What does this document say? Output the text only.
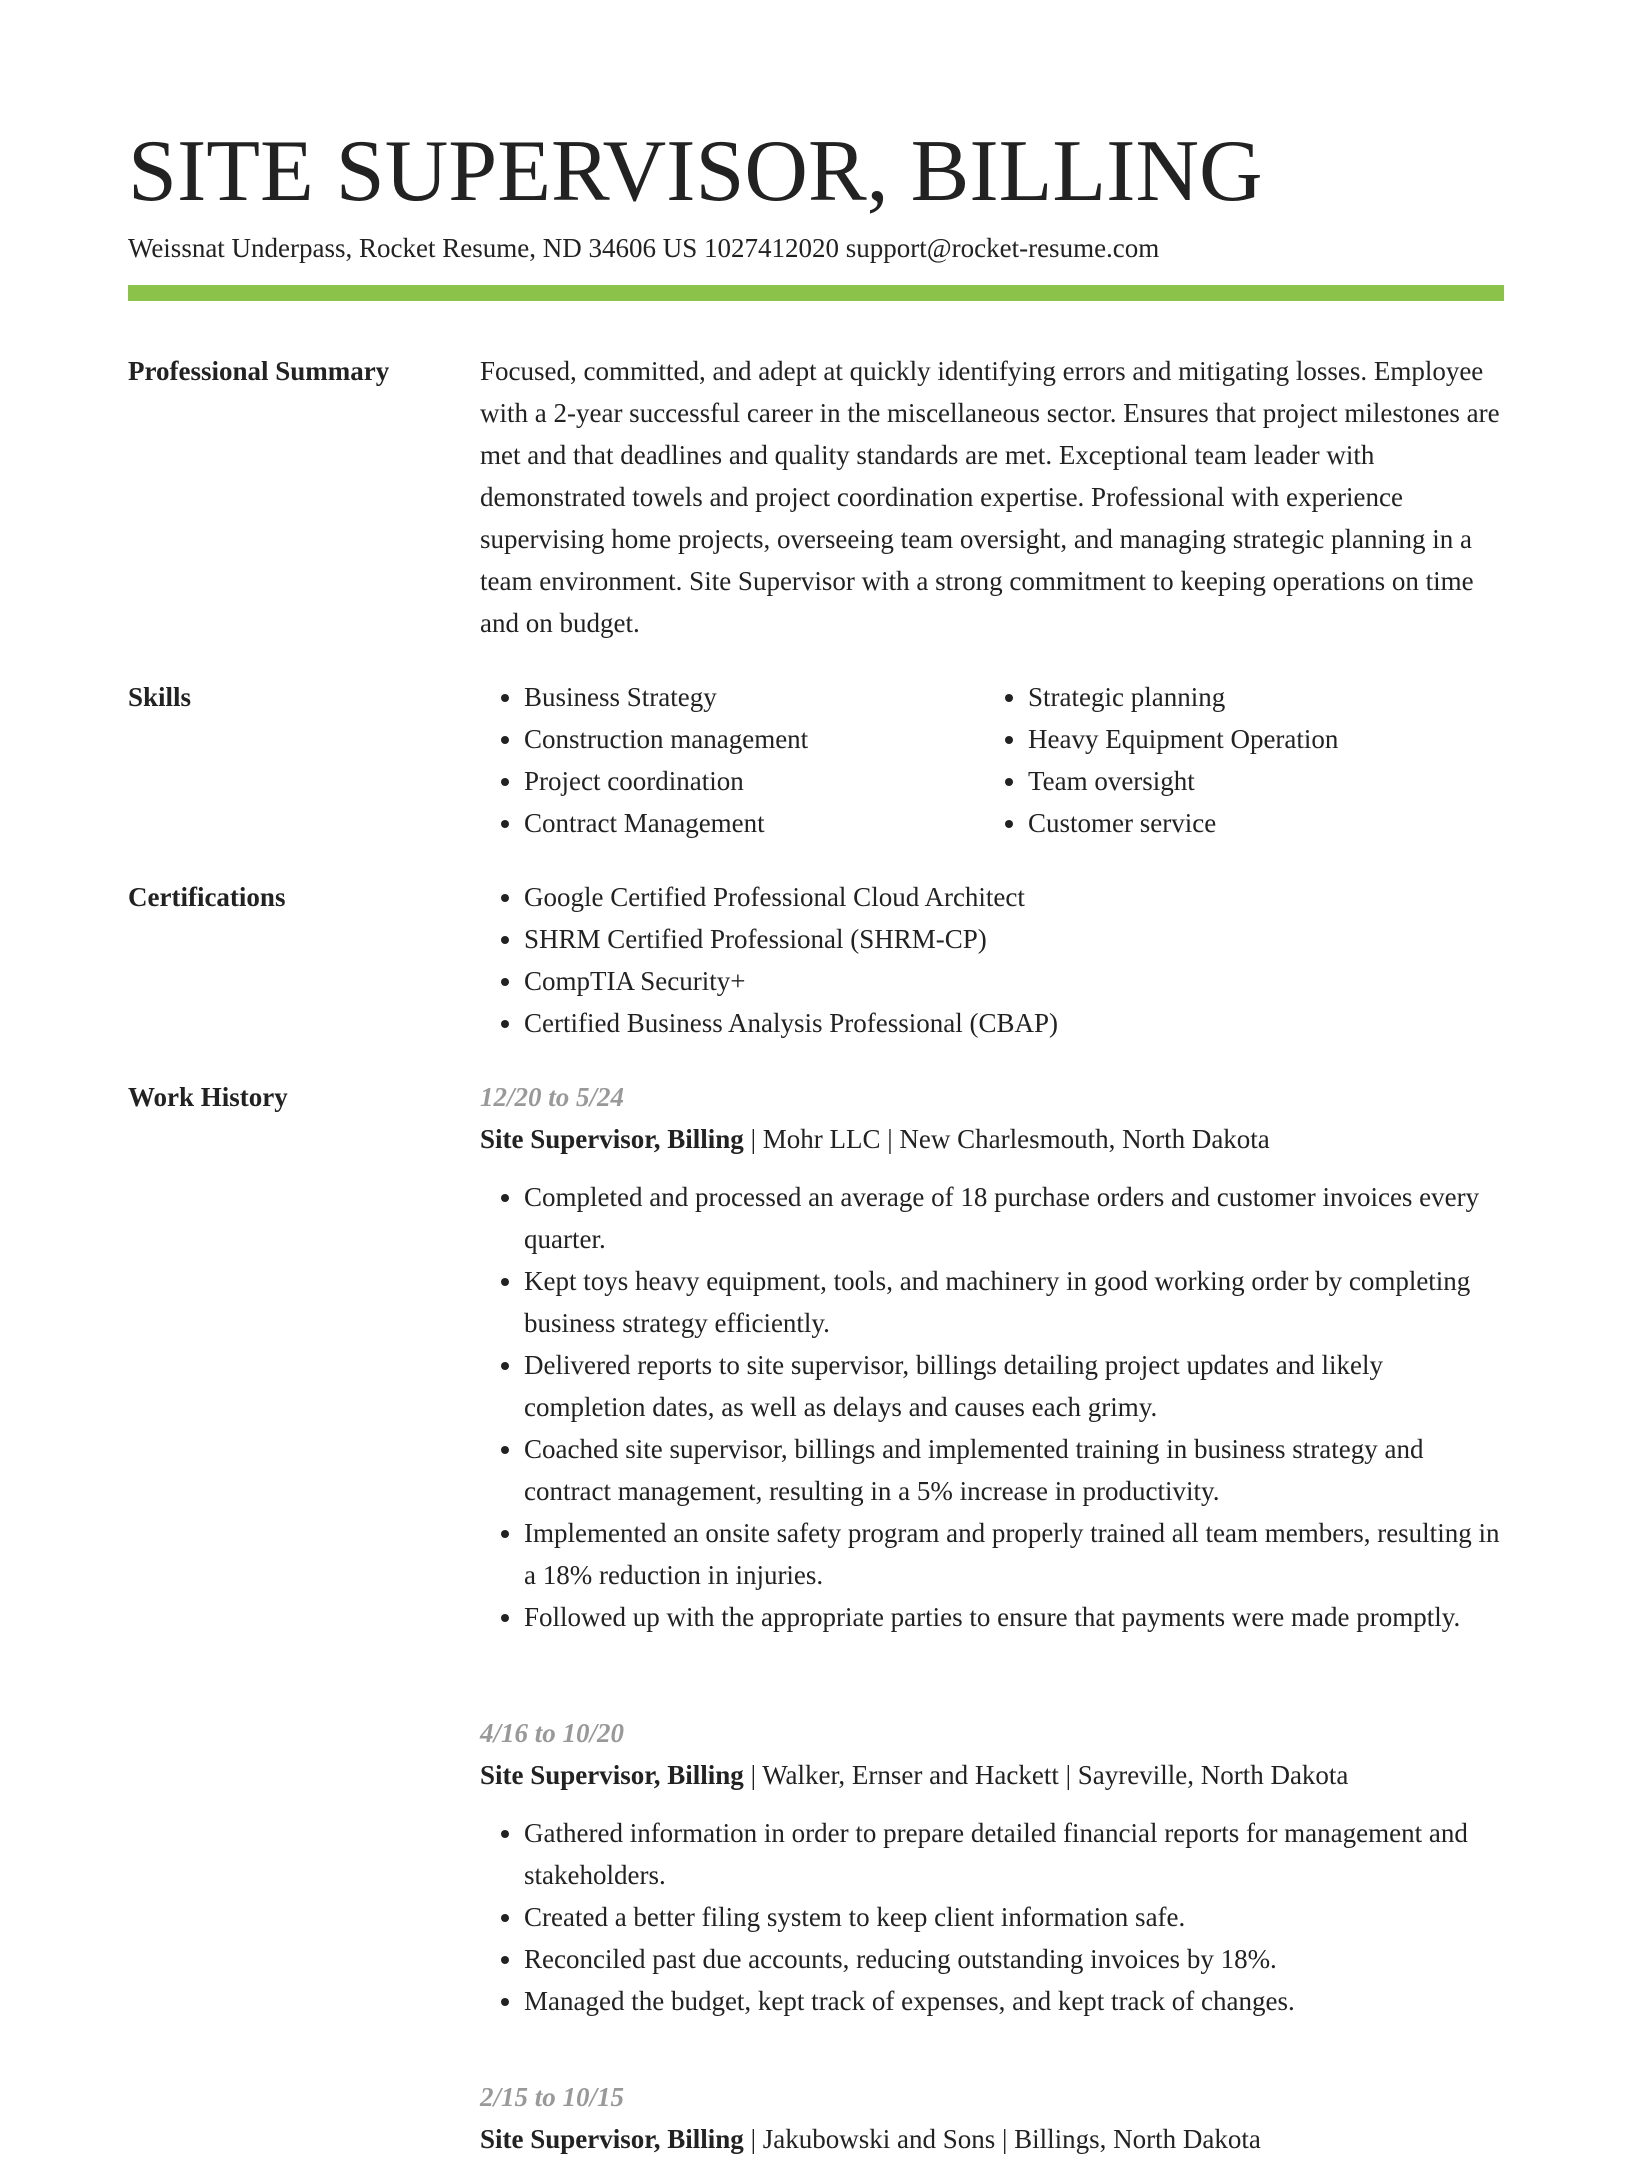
SITE SUPERVISOR, BILLING
Weissnat Underpass, Rocket Resume, ND 34606 US 1027412020 support@rocket-resume.com
Professional Summary	Focused, committed, and adept at quickly identifying errors and mitigating losses. Employee with a 2-year successful career in the miscellaneous sector. Ensures that project milestones are met and that deadlines and quality standards are met. Exceptional team leader with demonstrated towels and project coordination expertise. Professional with experience supervising home projects, overseeing team oversight, and managing strategic planning in a team environment. Site Supervisor with a strong commitment to keeping operations on time and on budget.

Skills	• Business Strategy
• Construction management
• Project coordination
• Contract Management
• Strategic planning
• Heavy Equipment Operation
• Team oversight
• Customer service
Certifications	• Google Certified Professional Cloud Architect
• SHRM Certified Professional (SHRM-CP)
• CompTIA Security+
• Certified Business Analysis Professional (CBAP)
Work History	12/20 to 5/24
Site Supervisor, Billing | Mohr LLC | New Charlesmouth, North Dakota
• Completed and processed an average of 18 purchase orders and customer invoices every quarter.
• Kept toys heavy equipment, tools, and machinery in good working order by completing business strategy efficiently.
• Delivered reports to site supervisor, billings detailing project updates and likely completion dates, as well as delays and causes each grimy.
• Coached site supervisor, billings and implemented training in business strategy and contract management, resulting in a 5% increase in productivity.
• Implemented an onsite safety program and properly trained all team members, resulting in a 18% reduction in injuries.
• Followed up with the appropriate parties to ensure that payments were made promptly.
4/16 to 10/20
Site Supervisor, Billing | Walker, Ernser and Hackett | Sayreville, North Dakota
• Gathered information in order to prepare detailed financial reports for management and stakeholders.
• Created a better filing system to keep client information safe.
• Reconciled past due accounts, reducing outstanding invoices by 18%.
• Managed the budget, kept track of expenses, and kept track of changes.
2/15 to 10/15
Site Supervisor, Billing | Jakubowski and Sons | Billings, North Dakota
